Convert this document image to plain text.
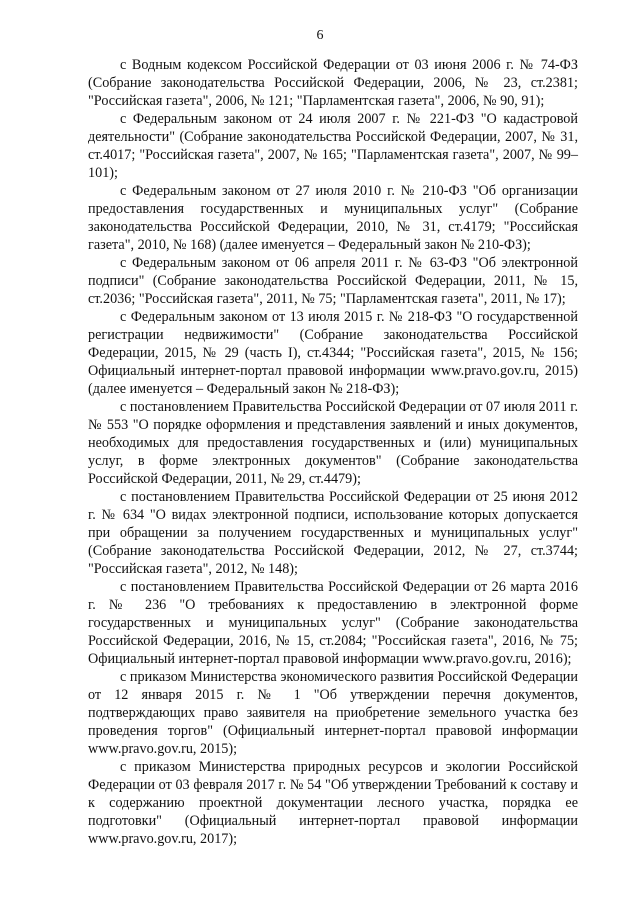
6

с Водным кодексом Российской Федерации от 03 июня 2006 г. № 74-ФЗ (Собрание законодательства Российской Федерации, 2006, № 23, ст.2381; "Российская газета", 2006, № 121; "Парламентская газета", 2006, № 90, 91);

с Федеральным законом от 24 июля 2007 г. № 221-ФЗ "О кадастровой деятельности" (Собрание законодательства Российской Федерации, 2007, № 31, ст.4017; "Российская газета", 2007, № 165; "Парламентская газета", 2007, № 99–101);

с Федеральным законом от 27 июля 2010 г. № 210-ФЗ "Об организации предоставления государственных и муниципальных услуг" (Собрание законодательства Российской Федерации, 2010, № 31, ст.4179; "Российская газета", 2010, № 168) (далее именуется – Федеральный закон № 210-ФЗ);

с Федеральным законом от 06 апреля 2011 г. № 63-ФЗ "Об электронной подписи" (Собрание законодательства Российской Федерации, 2011, № 15, ст.2036; "Российская газета", 2011, № 75; "Парламентская газета", 2011, № 17);

с Федеральным законом от 13 июля 2015 г. № 218-ФЗ "О государственной регистрации недвижимости" (Собрание законодательства Российской Федерации, 2015, № 29 (часть I), ст.4344; "Российская газета", 2015, № 156; Официальный интернет-портал правовой информации www.pravo.gov.ru, 2015) (далее именуется – Федеральный закон № 218-ФЗ);

с постановлением Правительства Российской Федерации от 07 июля 2011 г. № 553 "О порядке оформления и представления заявлений и иных документов, необходимых для предоставления государственных и (или) муниципальных услуг, в форме электронных документов" (Собрание законодательства Российской Федерации, 2011, № 29, ст.4479);

с постановлением Правительства Российской Федерации от 25 июня 2012 г. № 634 "О видах электронной подписи, использование которых допускается при обращении за получением государственных и муниципальных услуг" (Собрание законодательства Российской Федерации, 2012, № 27, ст.3744; "Российская газета", 2012, № 148);

с постановлением Правительства Российской Федерации от 26 марта 2016 г. № 236 "О требованиях к предоставлению в электронной форме государственных и муниципальных услуг" (Собрание законодательства Российской Федерации, 2016, № 15, ст.2084; "Российская газета", 2016, № 75; Официальный интернет-портал правовой информации www.pravo.gov.ru, 2016);

с приказом Министерства экономического развития Российской Федерации от 12 января 2015 г. № 1 "Об утверждении перечня документов, подтверждающих право заявителя на приобретение земельного участка без проведения торгов" (Официальный интернет-портал правовой информации www.pravo.gov.ru, 2015);

с приказом Министерства природных ресурсов и экологии Российской Федерации от 03 февраля 2017 г. № 54 "Об утверждении Требований к составу и к содержанию проектной документации лесного участка, порядка ее подготовки" (Официальный интернет-портал правовой информации www.pravo.gov.ru, 2017);
